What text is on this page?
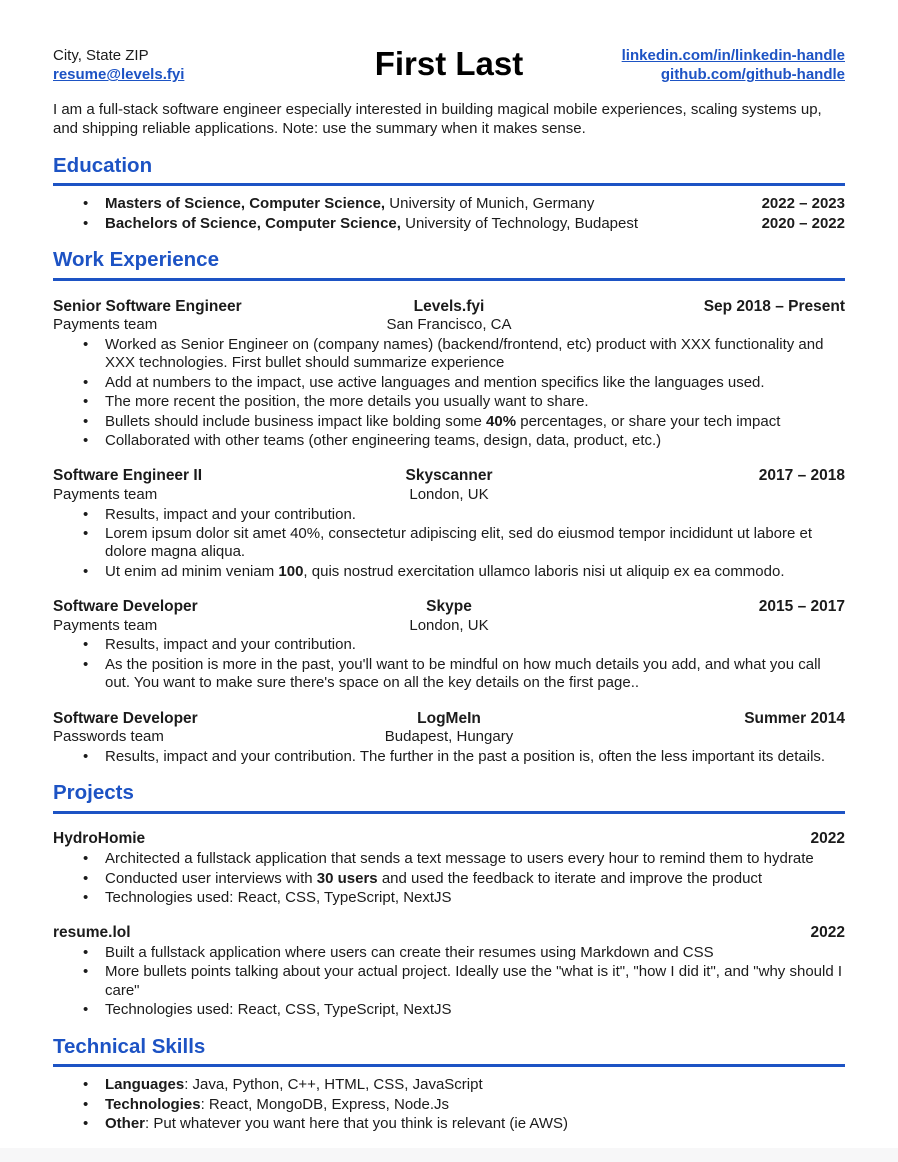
City, State ZIP
resume@levels.fyi	First Last	linkedin.com/in/linkedin-handle
github.com/github-handle

I am a full-stack software engineer especially interested in building magical mobile experiences, scaling systems up, and shipping reliable applications. Note: use the summary when it makes sense.

Education
• Masters of Science, Computer Science, University of Munich, Germany	2022 – 2023
• Bachelors of Science, Computer Science, University of Technology, Budapest	2020 – 2022
Work Experience
Senior Software Engineer	Levels.fyi	Sep 2018 – Present
Payments team	San Francisco, CA
• Worked as Senior Engineer on (company names) (backend/frontend, etc) product with XXX functionality and XXX technologies. First bullet should summarize experience
• Add at numbers to the impact, use active languages and mention specifics like the languages used.
• The more recent the position, the more details you usually want to share.
• Bullets should include business impact like bolding some 40% percentages, or share your tech impact
• Collaborated with other teams (other engineering teams, design, data, product, etc.)
Software Engineer II	Skyscanner	2017 – 2018
Payments team	London, UK
• Results, impact and your contribution.
• Lorem ipsum dolor sit amet 40%, consectetur adipiscing elit, sed do eiusmod tempor incididunt ut labore et dolore magna aliqua.
• Ut enim ad minim veniam 100, quis nostrud exercitation ullamco laboris nisi ut aliquip ex ea commodo.
Software Developer	Skype	2015 – 2017
Payments team	London, UK
• Results, impact and your contribution.
• As the position is more in the past, you'll want to be mindful on how much details you add, and what you call out. You want to make sure there's space on all the key details on the first page..
Software Developer	LogMeIn	Summer 2014
Passwords team	Budapest, Hungary
• Results, impact and your contribution. The further in the past a position is, often the less important its details.
Projects
HydroHomie	2022
• Architected a fullstack application that sends a text message to users every hour to remind them to hydrate
• Conducted user interviews with 30 users and used the feedback to iterate and improve the product
• Technologies used: React, CSS, TypeScript, NextJS
resume.lol	2022
• Built a fullstack application where users can create their resumes using Markdown and CSS
• More bullets points talking about your actual project. Ideally use the "what is it", "how I did it", and "why should I care"
• Technologies used: React, CSS, TypeScript, NextJS
Technical Skills
• Languages: Java, Python, C++, HTML, CSS, JavaScript
• Technologies: React, MongoDB, Express, Node.Js
• Other: Put whatever you want here that you think is relevant (ie AWS)
